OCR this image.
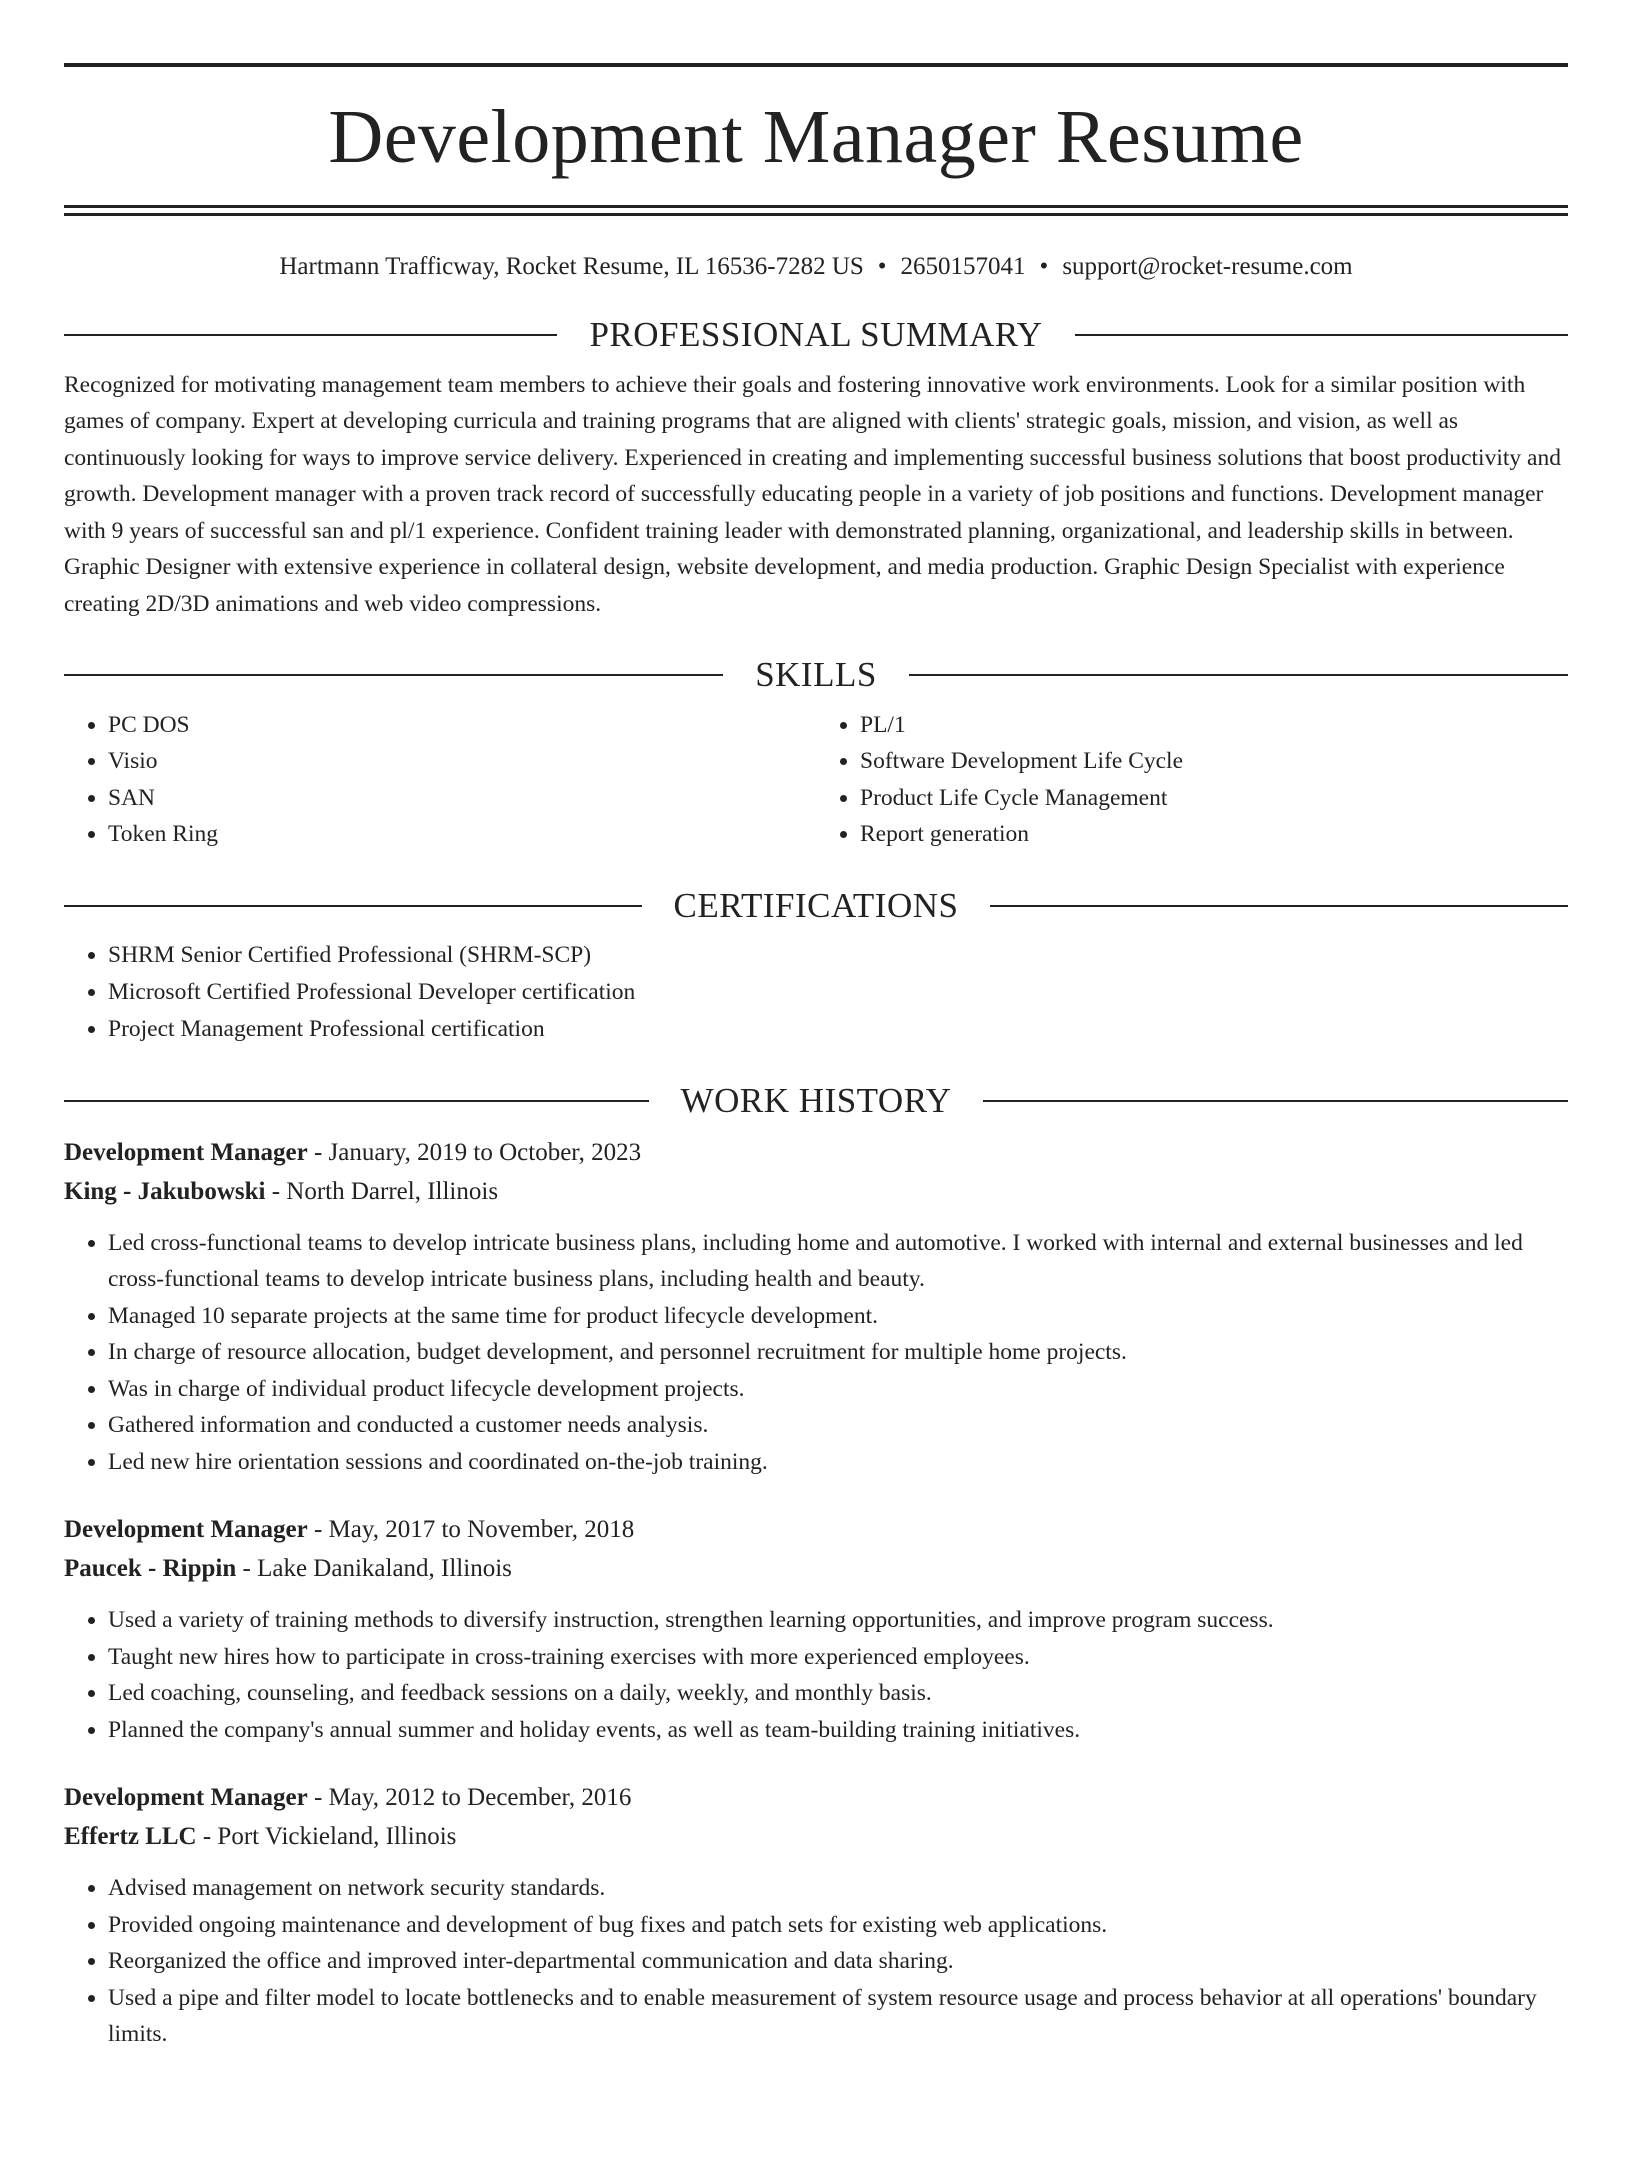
Development Manager Resume
Hartmann Trafficway, Rocket Resume, IL 16536-7282 US • 2650157041 • support@rocket-resume.com
PROFESSIONAL SUMMARY

Recognized for motivating management team members to achieve their goals and fostering innovative work environments. Look for a similar position with games of company. Expert at developing curricula and training programs that are aligned with clients' strategic goals, mission, and vision, as well as continuously looking for ways to improve service delivery. Experienced in creating and implementing successful business solutions that boost productivity and growth. Development manager with a proven track record of successfully educating people in a variety of job positions and functions. Development manager with 9 years of successful san and pl/1 experience. Confident training leader with demonstrated planning, organizational, and leadership skills in between. Graphic Designer with extensive experience in collateral design, website development, and media production. Graphic Design Specialist with experience creating 2D/3D animations and web video compressions.

SKILLS
• PC DOS
• Visio
• SAN
• Token Ring
• PL/1
• Software Development Life Cycle
• Product Life Cycle Management
• Report generation
CERTIFICATIONS
• SHRM Senior Certified Professional (SHRM-SCP)
• Microsoft Certified Professional Developer certification
• Project Management Professional certification
WORK HISTORY
Development Manager - January, 2019 to October, 2023
King - Jakubowski - North Darrel, Illinois
• Led cross-functional teams to develop intricate business plans, including home and automotive. I worked with internal and external businesses and led cross-functional teams to develop intricate business plans, including health and beauty.
• Managed 10 separate projects at the same time for product lifecycle development.
• In charge of resource allocation, budget development, and personnel recruitment for multiple home projects.
• Was in charge of individual product lifecycle development projects.
• Gathered information and conducted a customer needs analysis.
• Led new hire orientation sessions and coordinated on-the-job training.
Development Manager - May, 2017 to November, 2018
Paucek - Rippin - Lake Danikaland, Illinois
• Used a variety of training methods to diversify instruction, strengthen learning opportunities, and improve program success.
• Taught new hires how to participate in cross-training exercises with more experienced employees.
• Led coaching, counseling, and feedback sessions on a daily, weekly, and monthly basis.
• Planned the company's annual summer and holiday events, as well as team-building training initiatives.
Development Manager - May, 2012 to December, 2016
Effertz LLC - Port Vickieland, Illinois
• Advised management on network security standards.
• Provided ongoing maintenance and development of bug fixes and patch sets for existing web applications.
• Reorganized the office and improved inter-departmental communication and data sharing.
• Used a pipe and filter model to locate bottlenecks and to enable measurement of system resource usage and process behavior at all operations' boundary limits.
